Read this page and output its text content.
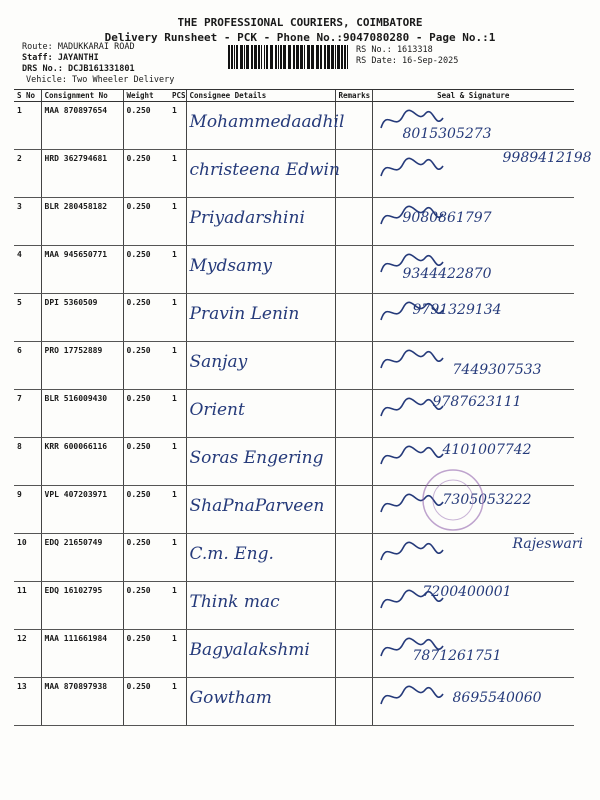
THE PROFESSIONAL COURIERS, COIMBATORE
Delivery Runsheet - PCK - Phone No.:9047080280 - Page No.:1
Route: MADUKKARAI ROAD
Staff: JAYANTHI
DRS No.: DCJB161331801
Vehicle: Two Wheeler Delivery
RS No.: 1613318
RS Date: 16-Sep-2025
S No	Consignment No	Weight	PCS	Consignee Details	Remarks	Seal & Signature
1	MAA 870897654	0.250	1	Mohammedaadhil		8015305273

2	HRD 362794681	0.250	1	christeena Edwin		9989412198

3	BLR 280458182	0.250	1	Priyadarshini		9080861797

4	MAA 945650771	0.250	1	Mydsamy		9344422870

5	DPI 5360509	0.250	1	Pravin Lenin		9791329134

6	PRO 17752889	0.250	1	Sanjay		7449307533

7	BLR 516009430	0.250	1	Orient		9787623111

8	KRR 600066116	0.250	1	Soras Engering		4101007742

9	VPL 407203971	0.250	1	ShaPnaParveen		7305053222

10	EDQ 21650749	0.250	1	C.m. Eng.		Rajeswari

11	EDQ 16102795	0.250	1	Think mac		7200400001

12	MAA 111661984	0.250	1	Bagyalakshmi		7871261751

13	MAA 870897938	0.250	1	Gowtham		8695540060
